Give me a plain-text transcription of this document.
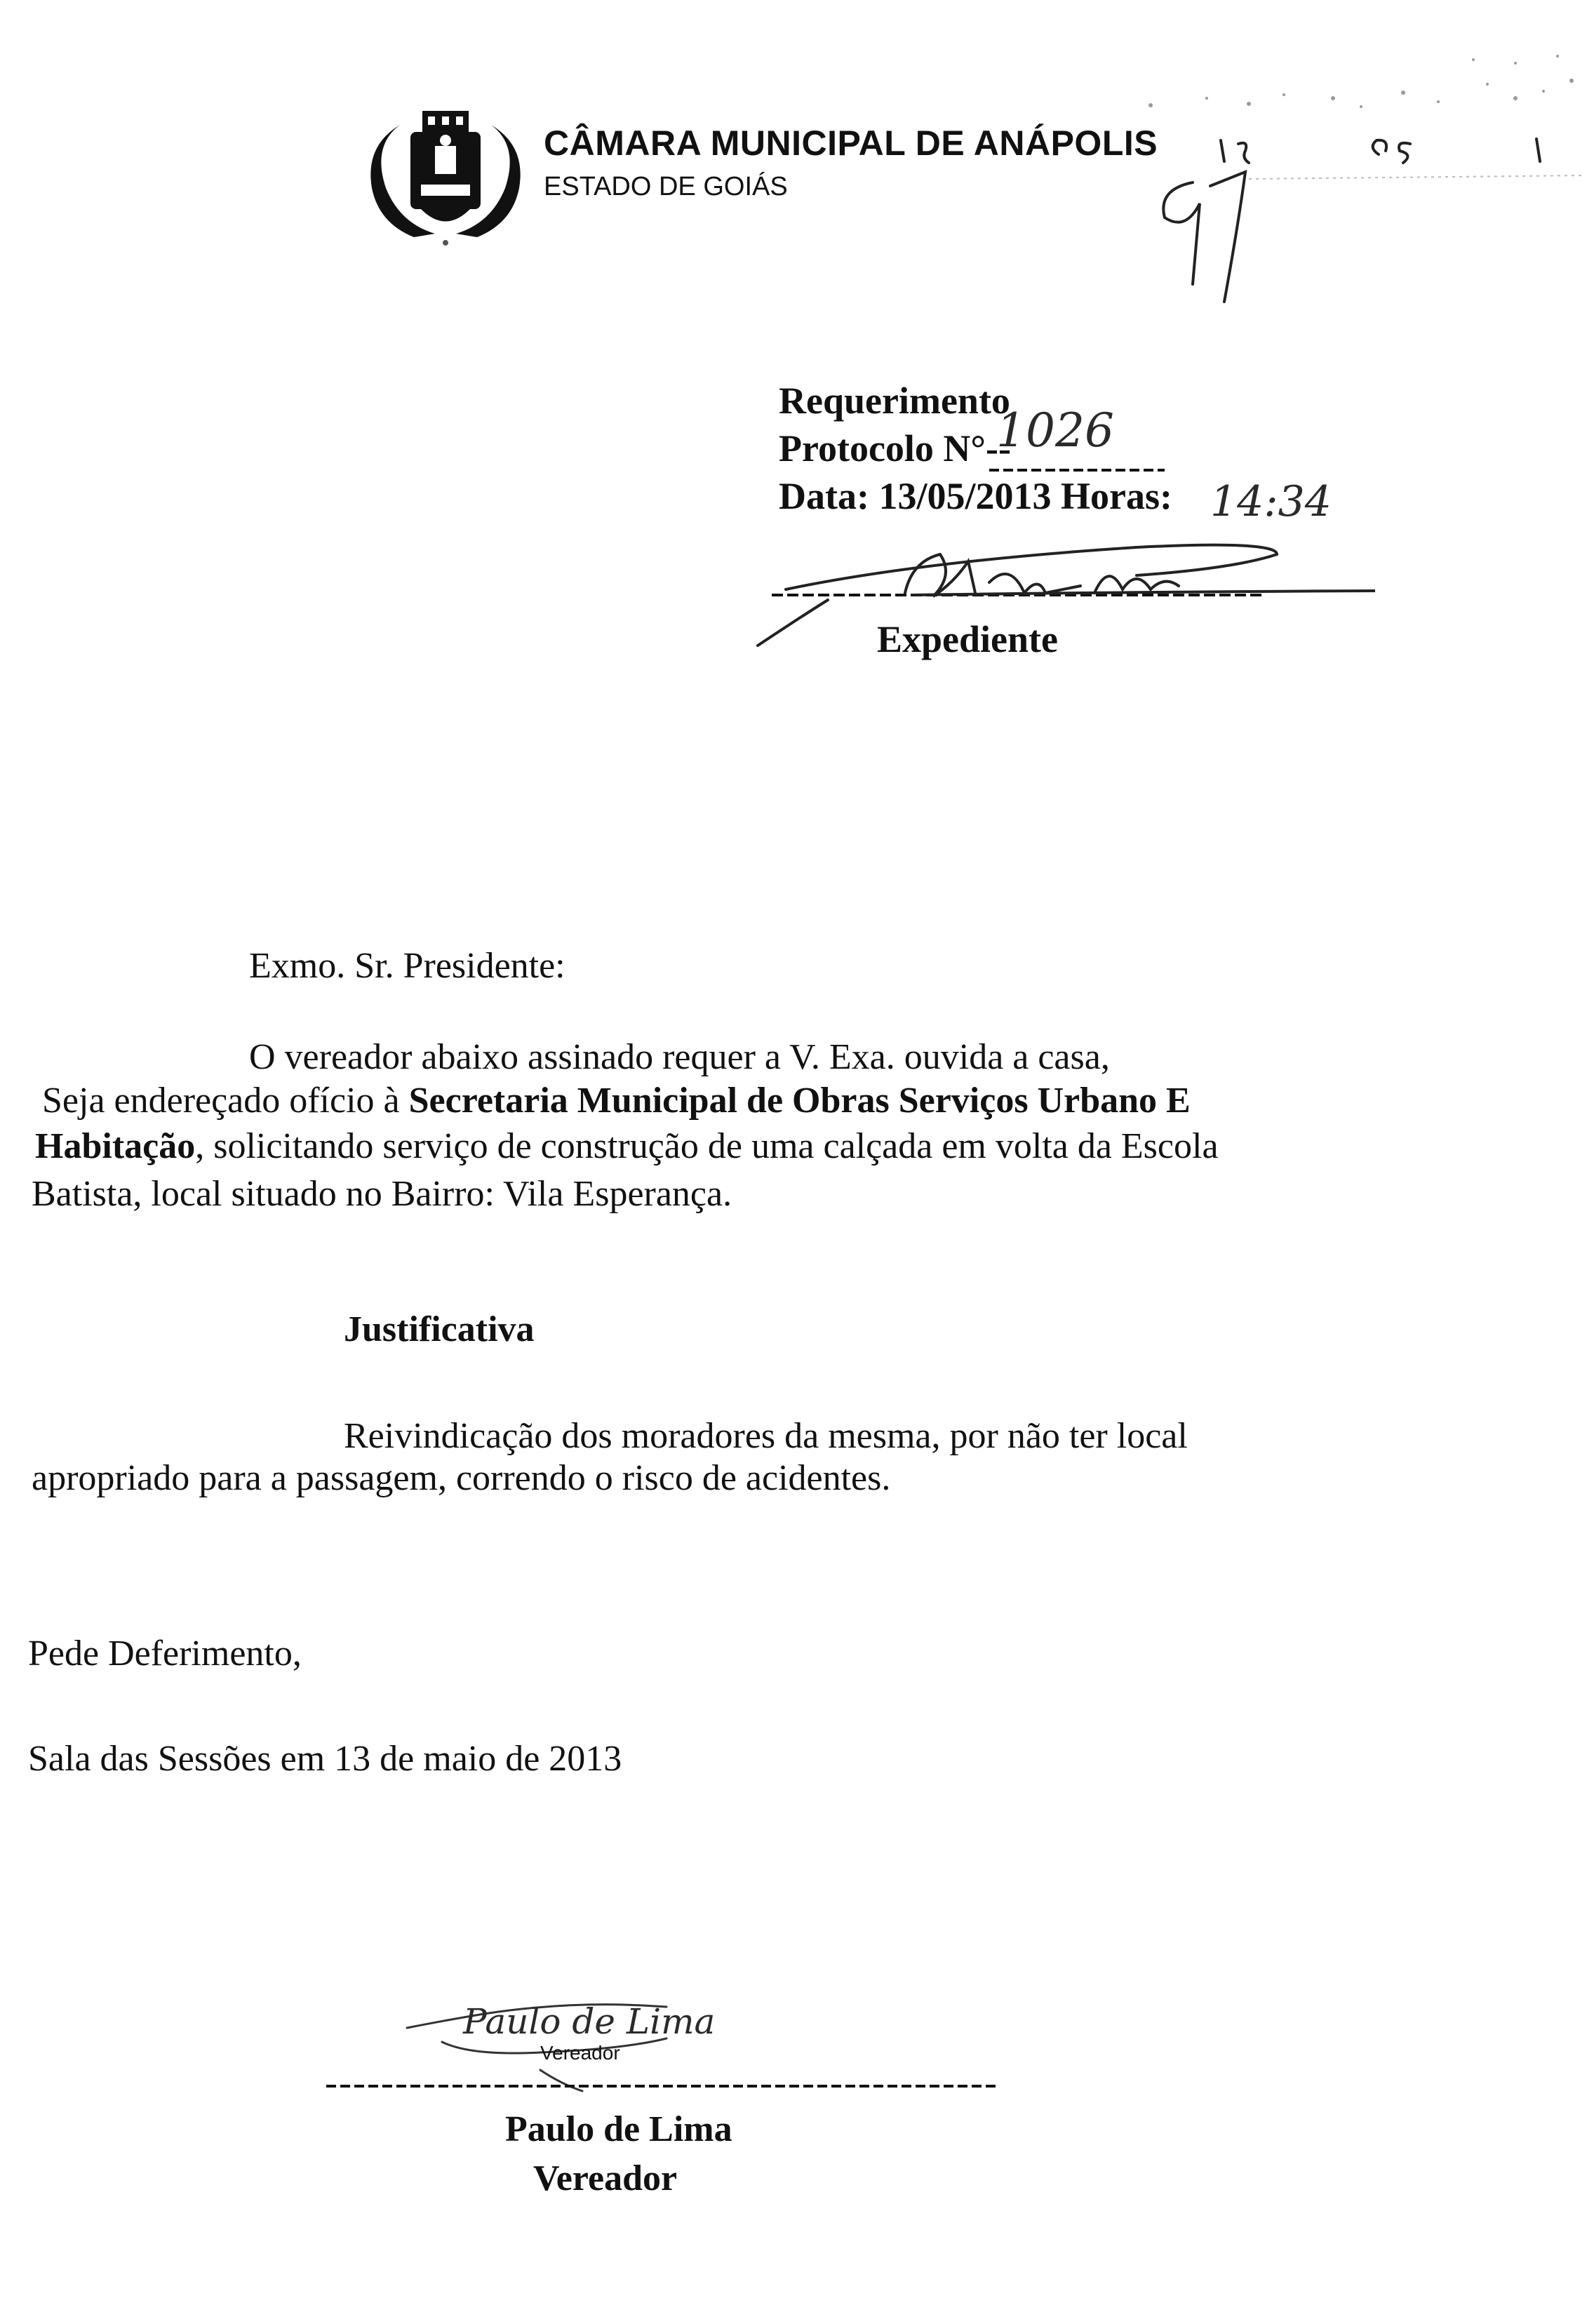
CÂMARA MUNICIPAL DE ANÁPOLIS
ESTADO DE GOIÁS
Requerimento
Protocolo N°--
1026
Data: 13/05/2013 Horas: 14:34
Expediente
Exmo. Sr. Presidente:
O vereador abaixo assinado requer a V. Exa. ouvida a casa,
Seja endereçado ofício à Secretaria Municipal de Obras Serviços Urbano E
Habitação, solicitando serviço de construção de uma calçada em volta da Escola
Batista, local situado no Bairro: Vila Esperança.
Justificativa
Reivindicação dos moradores da mesma, por não ter local
apropriado para a passagem, correndo o risco de acidentes.
Pede Deferimento,
Sala das Sessões em 13 de maio de 2013
Paulo de Lima
Vereador
Paulo de Lima
Vereador
